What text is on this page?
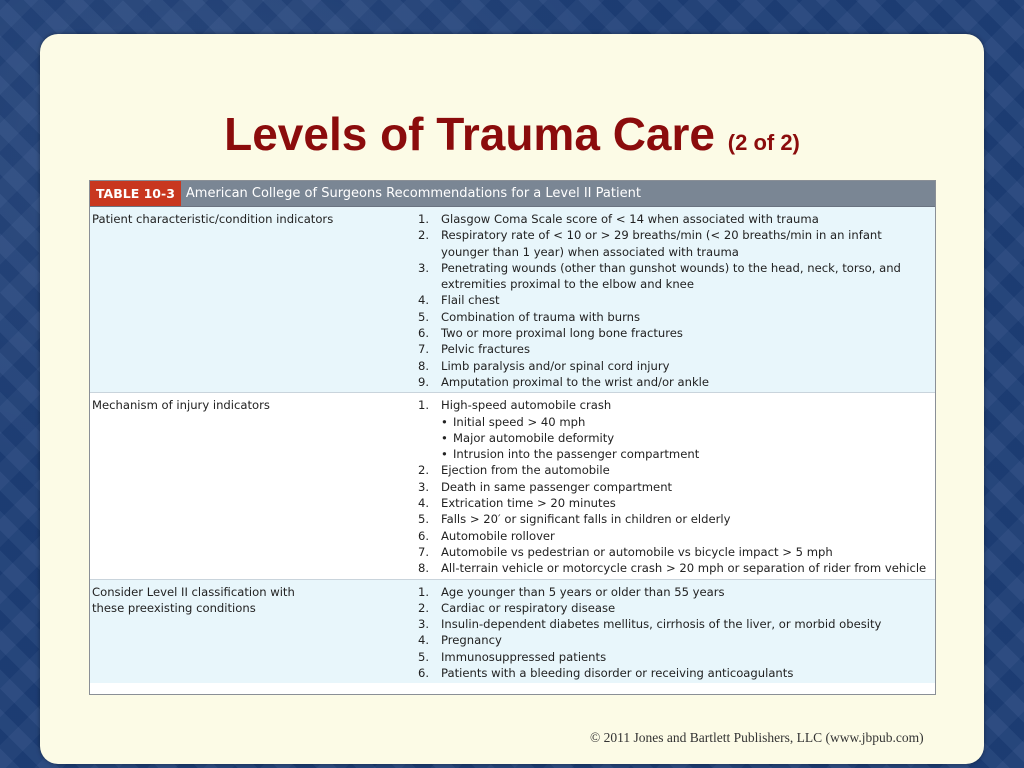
Levels of Trauma Care (2 of 2)
TABLE 10-3 American College of Surgeons Recommendations for a Level II Patient
Patient characteristic/condition indicators	1.	Glasgow Coma Scale score of < 14 when associated with trauma
2.	Respiratory rate of < 10 or > 29 breaths/min (< 20 breaths/min in an infant younger than 1 year) when associated with trauma
3.	Penetrating wounds (other than gunshot wounds) to the head, neck, torso, and extremities proximal to the elbow and knee
4.	Flail chest
5.	Combination of trauma with burns
6.	Two or more proximal long bone fractures
7.	Pelvic fractures
8.	Limb paralysis and/or spinal cord injury
9.	Amputation proximal to the wrist and/or ankle
Mechanism of injury indicators	1.	High-speed automobile crash
• Initial speed > 40 mph
• Major automobile deformity
• Intrusion into the passenger compartment
2.	Ejection from the automobile
3.	Death in same passenger compartment
4.	Extrication time > 20 minutes
5.	Falls > 20′ or significant falls in children or elderly
6.	Automobile rollover
7.	Automobile vs pedestrian or automobile vs bicycle impact > 5 mph
8.	All-terrain vehicle or motorcycle crash > 20 mph or separation of rider from vehicle
Consider Level II classification with
these preexisting conditions
1.	Age younger than 5 years or older than 55 years
2.	Cardiac or respiratory disease
3.	Insulin-dependent diabetes mellitus, cirrhosis of the liver, or morbid obesity
4.	Pregnancy
5.	Immunosuppressed patients
6.	Patients with a bleeding disorder or receiving anticoagulants
© 2011 Jones and Bartlett Publishers, LLC (www.jbpub.com)
